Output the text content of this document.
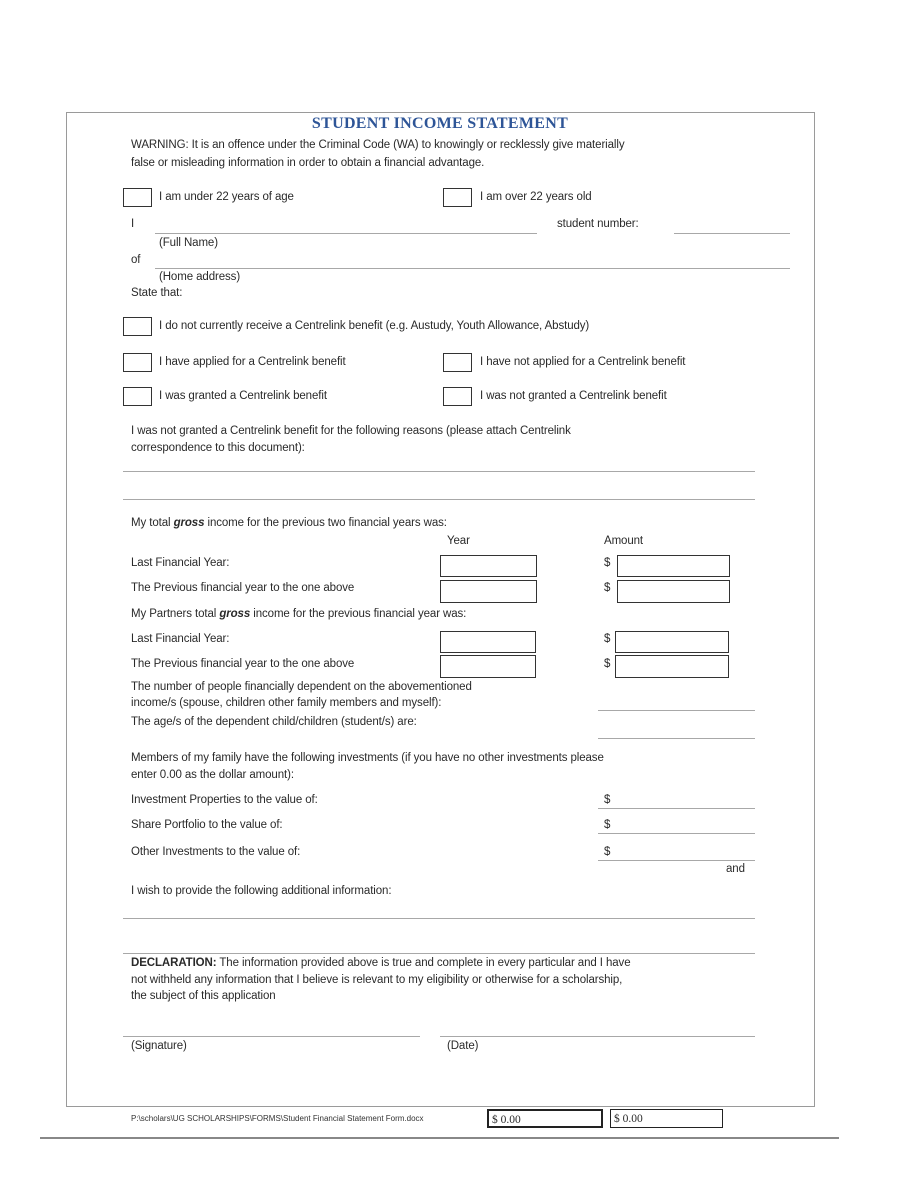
STUDENT INCOME STATEMENT
WARNING: It is an offence under the Criminal Code (WA) to knowingly or recklessly give materially
false or misleading information in order to obtain a financial advantage.
I am under 22 years of age	I am over 22 years old
I	student number:
(Full Name)
of
(Home address)
State that:
I do not currently receive a Centrelink benefit (e.g. Austudy, Youth Allowance, Abstudy)
I have applied for a Centrelink benefit	I have not applied for a Centrelink benefit
I was granted a Centrelink benefit	I was not granted a Centrelink benefit
I was not granted a Centrelink benefit for the following reasons (please attach Centrelink
correspondence to this document):
My total gross income for the previous two financial years was:
Year	Amount
Last Financial Year:	$
The Previous financial year to the one above	$
My Partners total gross income for the previous financial year was:
Last Financial Year:	$
The Previous financial year to the one above	$
The number of people financially dependent on the abovementioned
income/s (spouse, children other family members and myself):
The age/s of the dependent child/children (student/s) are:
Members of my family have the following investments (if you have no other investments please
enter 0.00 as the dollar amount):
Investment Properties to the value of:	$
Share Portfolio to the value of:	$
Other Investments to the value of:	$
and
I wish to provide the following additional information:
DECLARATION: The information provided above is true and complete in every particular and I have
not withheld any information that I believe is relevant to my eligibility or otherwise for a scholarship,
the subject of this application
(Signature)	(Date)
P:\scholars\UG SCHOLARSHIPS\FORMS\Student Financial Statement Form.docx	$ 0.00	$ 0.00
